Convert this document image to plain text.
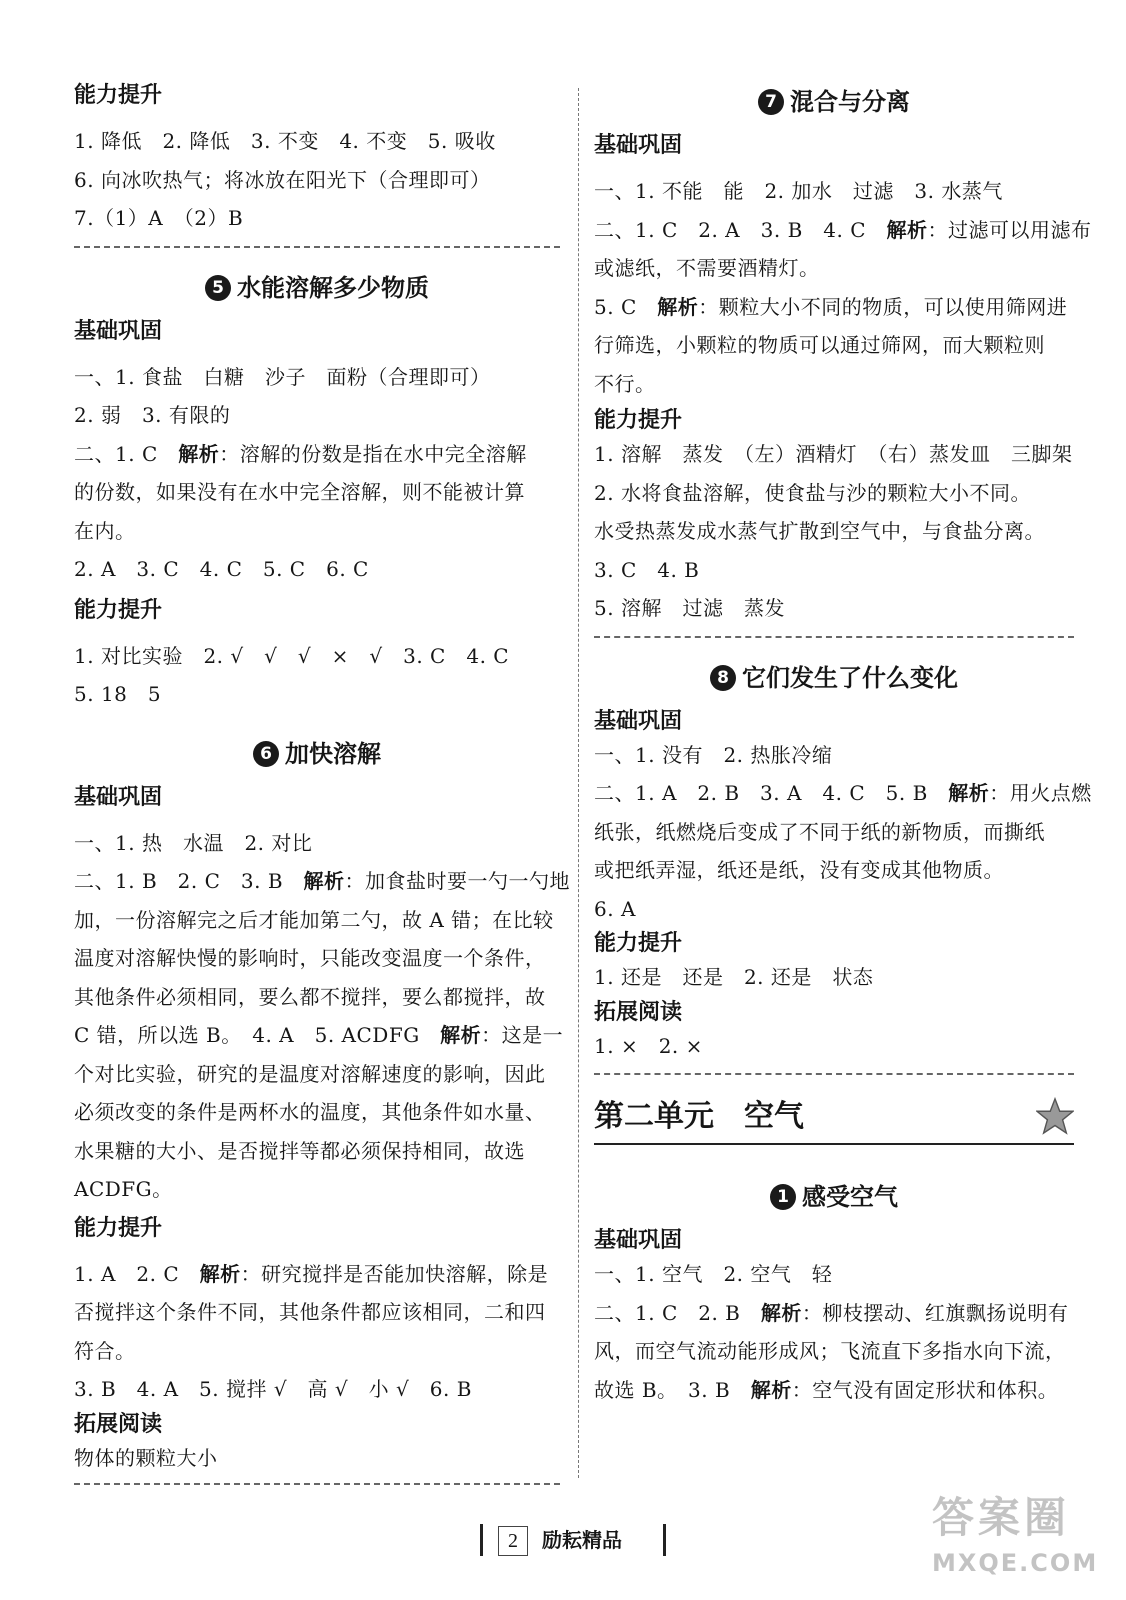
能力提升
1. 降低　2. 降低　3. 不变　4. 不变　5. 吸收
6. 向冰吹热气；将冰放在阳光下（合理即可）
7.（1）A　（2）B
5 水能溶解多少物质
基础巩固
一、1. 食盐　白糖　沙子　面粉（合理即可）
2. 弱　3. 有限的
二、1. C　解析：溶解的份数是指在水中完全溶解
的份数，如果没有在水中完全溶解，则不能被计算
在内。
2. A　3. C　4. C　5. C　6. C
能力提升
1. 对比实验　2. √　√　√　×　√　3. C　4. C
5. 18　5
6 加快溶解
基础巩固
一、1. 热　水温　2. 对比
二、1. B　2. C　3. B　解析：加食盐时要一勺一勺地
加，一份溶解完之后才能加第二勺，故 A 错；在比较
温度对溶解快慢的影响时，只能改变温度一个条件，
其他条件必须相同，要么都不搅拌，要么都搅拌，故
C 错，所以选 B。　4. A　5. ACDFG　解析：这是一
个对比实验，研究的是温度对溶解速度的影响，因此
必须改变的条件是两杯水的温度，其他条件如水量、
水果糖的大小、是否搅拌等都必须保持相同，故选
ACDFG。
能力提升
1. A　2. C　解析：研究搅拌是否能加快溶解，除是
否搅拌这个条件不同，其他条件都应该相同，二和四
符合。
3. B　4. A　5. 搅拌 √　高 √　小 √　6. B
拓展阅读
物体的颗粒大小
7 混合与分离
基础巩固
一、1. 不能　能　2. 加水　过滤　3. 水蒸气
二、1. C　2. A　3. B　4. C　解析：过滤可以用滤布
或滤纸，不需要酒精灯。
5. C　解析：颗粒大小不同的物质，可以使用筛网进
行筛选，小颗粒的物质可以通过筛网，而大颗粒则
不行。
能力提升
1. 溶解　蒸发　（左）酒精灯　（右）蒸发皿　三脚架
2. 水将食盐溶解，使食盐与沙的颗粒大小不同。
水受热蒸发成水蒸气扩散到空气中，与食盐分离。
3. C　4. B
5. 溶解　过滤　蒸发
8 它们发生了什么变化
基础巩固
一、1. 没有　2. 热胀冷缩
二、1. A　2. B　3. A　4. C　5. B　解析：用火点燃
纸张，纸燃烧后变成了不同于纸的新物质，而撕纸
或把纸弄湿，纸还是纸，没有变成其他物质。
6. A
能力提升
1. 还是　还是　2. 还是　状态
拓展阅读
1. ×　2. ×
第二单元　空气
1 感受空气
基础巩固
一、1. 空气　2. 空气　轻
二、1. C　2. B　解析：柳枝摆动、红旗飘扬说明有
风，而空气流动能形成风；飞流直下多指水向下流，
故选 B。　3. B　解析：空气没有固定形状和体积。
2	励耘精品	答案圈
MXQE.COM
